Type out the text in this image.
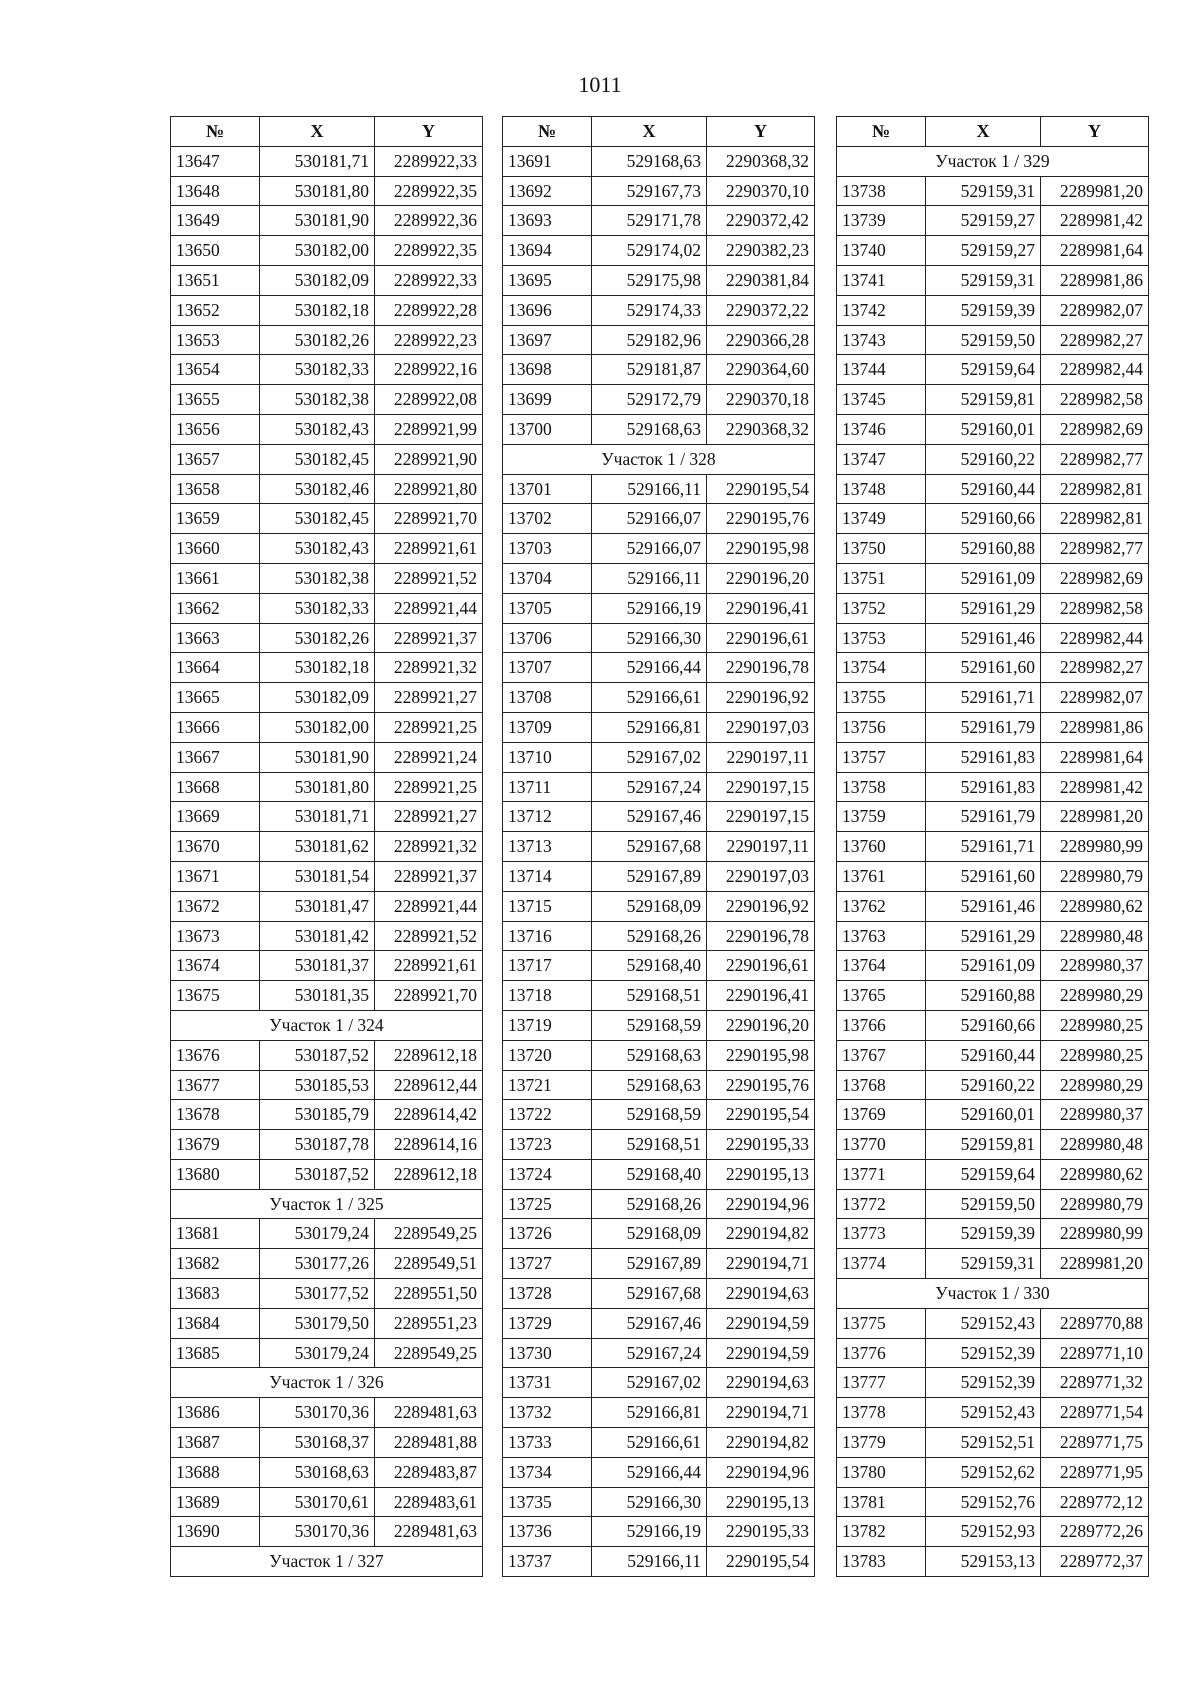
1011
№	X	Y
13647	530181,71	2289922,33
13648	530181,80	2289922,35
13649	530181,90	2289922,36
13650	530182,00	2289922,35
13651	530182,09	2289922,33
13652	530182,18	2289922,28
13653	530182,26	2289922,23
13654	530182,33	2289922,16
13655	530182,38	2289922,08
13656	530182,43	2289921,99
13657	530182,45	2289921,90
13658	530182,46	2289921,80
13659	530182,45	2289921,70
13660	530182,43	2289921,61
13661	530182,38	2289921,52
13662	530182,33	2289921,44
13663	530182,26	2289921,37
13664	530182,18	2289921,32
13665	530182,09	2289921,27
13666	530182,00	2289921,25
13667	530181,90	2289921,24
13668	530181,80	2289921,25
13669	530181,71	2289921,27
13670	530181,62	2289921,32
13671	530181,54	2289921,37
13672	530181,47	2289921,44
13673	530181,42	2289921,52
13674	530181,37	2289921,61
13675	530181,35	2289921,70
Участок 1 / 324		
13676	530187,52	2289612,18
13677	530185,53	2289612,44
13678	530185,79	2289614,42
13679	530187,78	2289614,16
13680	530187,52	2289612,18
Участок 1 / 325		
13681	530179,24	2289549,25
13682	530177,26	2289549,51
13683	530177,52	2289551,50
13684	530179,50	2289551,23
13685	530179,24	2289549,25
Участок 1 / 326		
13686	530170,36	2289481,63
13687	530168,37	2289481,88
13688	530168,63	2289483,87
13689	530170,61	2289483,61
13690	530170,36	2289481,63
Участок 1 / 327		
№	X	Y
13691	529168,63	2290368,32
13692	529167,73	2290370,10
13693	529171,78	2290372,42
13694	529174,02	2290382,23
13695	529175,98	2290381,84
13696	529174,33	2290372,22
13697	529182,96	2290366,28
13698	529181,87	2290364,60
13699	529172,79	2290370,18
13700	529168,63	2290368,32
Участок 1 / 328		
13701	529166,11	2290195,54
13702	529166,07	2290195,76
13703	529166,07	2290195,98
13704	529166,11	2290196,20
13705	529166,19	2290196,41
13706	529166,30	2290196,61
13707	529166,44	2290196,78
13708	529166,61	2290196,92
13709	529166,81	2290197,03
13710	529167,02	2290197,11
13711	529167,24	2290197,15
13712	529167,46	2290197,15
13713	529167,68	2290197,11
13714	529167,89	2290197,03
13715	529168,09	2290196,92
13716	529168,26	2290196,78
13717	529168,40	2290196,61
13718	529168,51	2290196,41
13719	529168,59	2290196,20
13720	529168,63	2290195,98
13721	529168,63	2290195,76
13722	529168,59	2290195,54
13723	529168,51	2290195,33
13724	529168,40	2290195,13
13725	529168,26	2290194,96
13726	529168,09	2290194,82
13727	529167,89	2290194,71
13728	529167,68	2290194,63
13729	529167,46	2290194,59
13730	529167,24	2290194,59
13731	529167,02	2290194,63
13732	529166,81	2290194,71
13733	529166,61	2290194,82
13734	529166,44	2290194,96
13735	529166,30	2290195,13
13736	529166,19	2290195,33
13737	529166,11	2290195,54
№	X	Y
Участок 1 / 329		
13738	529159,31	2289981,20
13739	529159,27	2289981,42
13740	529159,27	2289981,64
13741	529159,31	2289981,86
13742	529159,39	2289982,07
13743	529159,50	2289982,27
13744	529159,64	2289982,44
13745	529159,81	2289982,58
13746	529160,01	2289982,69
13747	529160,22	2289982,77
13748	529160,44	2289982,81
13749	529160,66	2289982,81
13750	529160,88	2289982,77
13751	529161,09	2289982,69
13752	529161,29	2289982,58
13753	529161,46	2289982,44
13754	529161,60	2289982,27
13755	529161,71	2289982,07
13756	529161,79	2289981,86
13757	529161,83	2289981,64
13758	529161,83	2289981,42
13759	529161,79	2289981,20
13760	529161,71	2289980,99
13761	529161,60	2289980,79
13762	529161,46	2289980,62
13763	529161,29	2289980,48
13764	529161,09	2289980,37
13765	529160,88	2289980,29
13766	529160,66	2289980,25
13767	529160,44	2289980,25
13768	529160,22	2289980,29
13769	529160,01	2289980,37
13770	529159,81	2289980,48
13771	529159,64	2289980,62
13772	529159,50	2289980,79
13773	529159,39	2289980,99
13774	529159,31	2289981,20
Участок 1 / 330		
13775	529152,43	2289770,88
13776	529152,39	2289771,10
13777	529152,39	2289771,32
13778	529152,43	2289771,54
13779	529152,51	2289771,75
13780	529152,62	2289771,95
13781	529152,76	2289772,12
13782	529152,93	2289772,26
13783	529153,13	2289772,37
